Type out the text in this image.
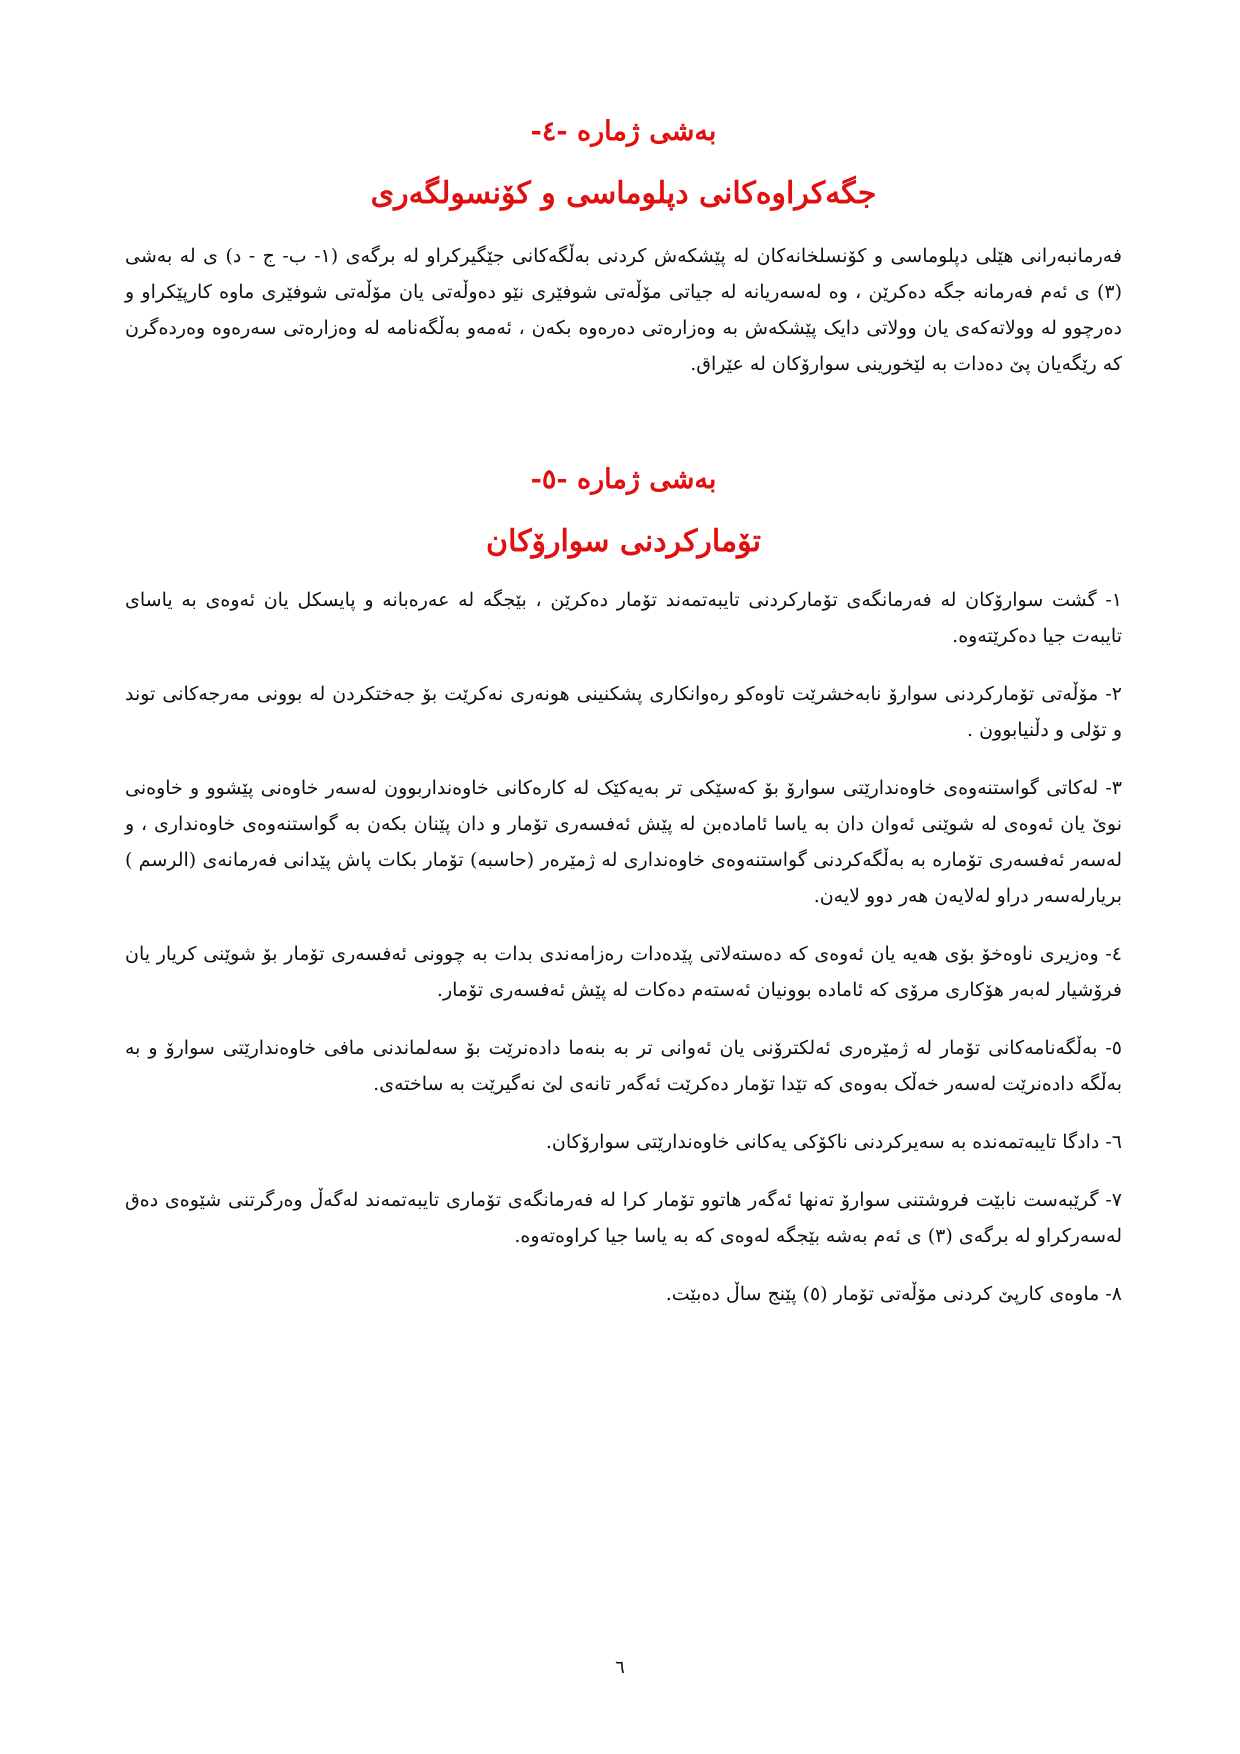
بەشی ژمارە -٤-
جگەکراوەکانی دپلوماسی و کۆنسولگەری

فەرمانبەرانی هێلی دپلوماسی و کۆنسلخانەکان لە پێشکەش کردنی بەڵگەکانی جێگیرکراو لە برگەی (١- ب- ج - د) ی لە بەشی (٣) ی ئەم فەرمانە جگە دەکرێن ، وە لەسەریانە لە جیاتی مۆڵەتی شوفێری نێو دەوڵەتی یان مۆڵەتی شوفێری ماوە کارپێکراو و دەرچوو لە وولاتەکەی یان وولاتی دایک پێشکەش بە وەزارەتی دەرەوە بکەن ، ئەمەو بەڵگەنامە لە وەزارەتی سەرەوە وەردەگرن کە رێگەیان پێ دەدات بە لێخورینی سوارۆکان لە عێراق.

بەشی ژمارە -٥-
تۆمارکردنی سوارۆکان

١- گشت سوارۆکان لە فەرمانگەی تۆمارکردنی تایبەتمەند تۆمار دەکرێن ، بێجگە لە عەرەبانە و پایسکل یان ئەوەی بە یاسای تایبەت جیا دەکرێتەوە.

٢- مۆڵەتی تۆمارکردنی سوارۆ نابەخشرێت تاوەکو رەوانکاری پشکنینی هونەری نەکرێت بۆ جەختکردن لە بوونی مەرجەکانی توند و تۆلی و دڵنیابوون .

٣- لەکاتی گواستنەوەی خاوەندارێتی سوارۆ بۆ کەسێکی تر بەیەکێک لە کارەکانی خاوەنداربوون لەسەر خاوەنی پێشوو و خاوەنی نوێ یان ئەوەی لە شوێنی ئەوان دان بە یاسا ئامادەبن لە پێش ئەفسەری تۆمار و دان پێنان بکەن بە گواستنەوەی خاوەنداری ، و لەسەر ئەفسەری تۆمارە بە بەڵگەکردنی گواستنەوەی خاوەنداری لە ژمێرەر (حاسبە) تۆمار بکات پاش پێدانی فەرمانەی (الرسم ) بریارلەسەر دراو لەلایەن هەر دوو لایەن.

٤- وەزیری ناوەخۆ بۆی هەیە یان ئەوەی کە دەستەلاتی پێدەدات رەزامەندی بدات بە چوونی ئەفسەری تۆمار بۆ شوێنی کریار یان فرۆشیار لەبەر هۆکاری مرۆی کە ئامادە بوونیان ئەستەم دەکات لە پێش ئەفسەری تۆمار.

٥- بەڵگەنامەکانی تۆمار لە ژمێرەری ئەلکترۆنی یان ئەوانی تر بە بنەما دادەنرێت بۆ سەلماندنی مافی خاوەندارێتی سوارۆ و بە بەڵگە دادەنرێت لەسەر خەڵک بەوەی کە تێدا تۆمار دەکرێت ئەگەر تانەی لێ نەگیرێت بە ساختەی.

٦- دادگا تایبەتمەندە بە سەیرکردنی ناکۆکی یەکانی خاوەندارێتی سوارۆکان.

٧- گرێبەست نابێت فروشتنی سوارۆ تەنها ئەگەر هاتوو تۆمار کرا لە فەرمانگەی تۆماری تایبەتمەند لەگەڵ وەرگرتنی شێوەی دەق لەسەرکراو لە برگەی (٣) ی ئەم بەشە بێجگە لەوەی کە بە یاسا جیا کراوەتەوە.

٨- ماوەی کارپێ کردنی مۆڵەتی تۆمار (٥) پێنج ساڵ دەبێت.

٦
